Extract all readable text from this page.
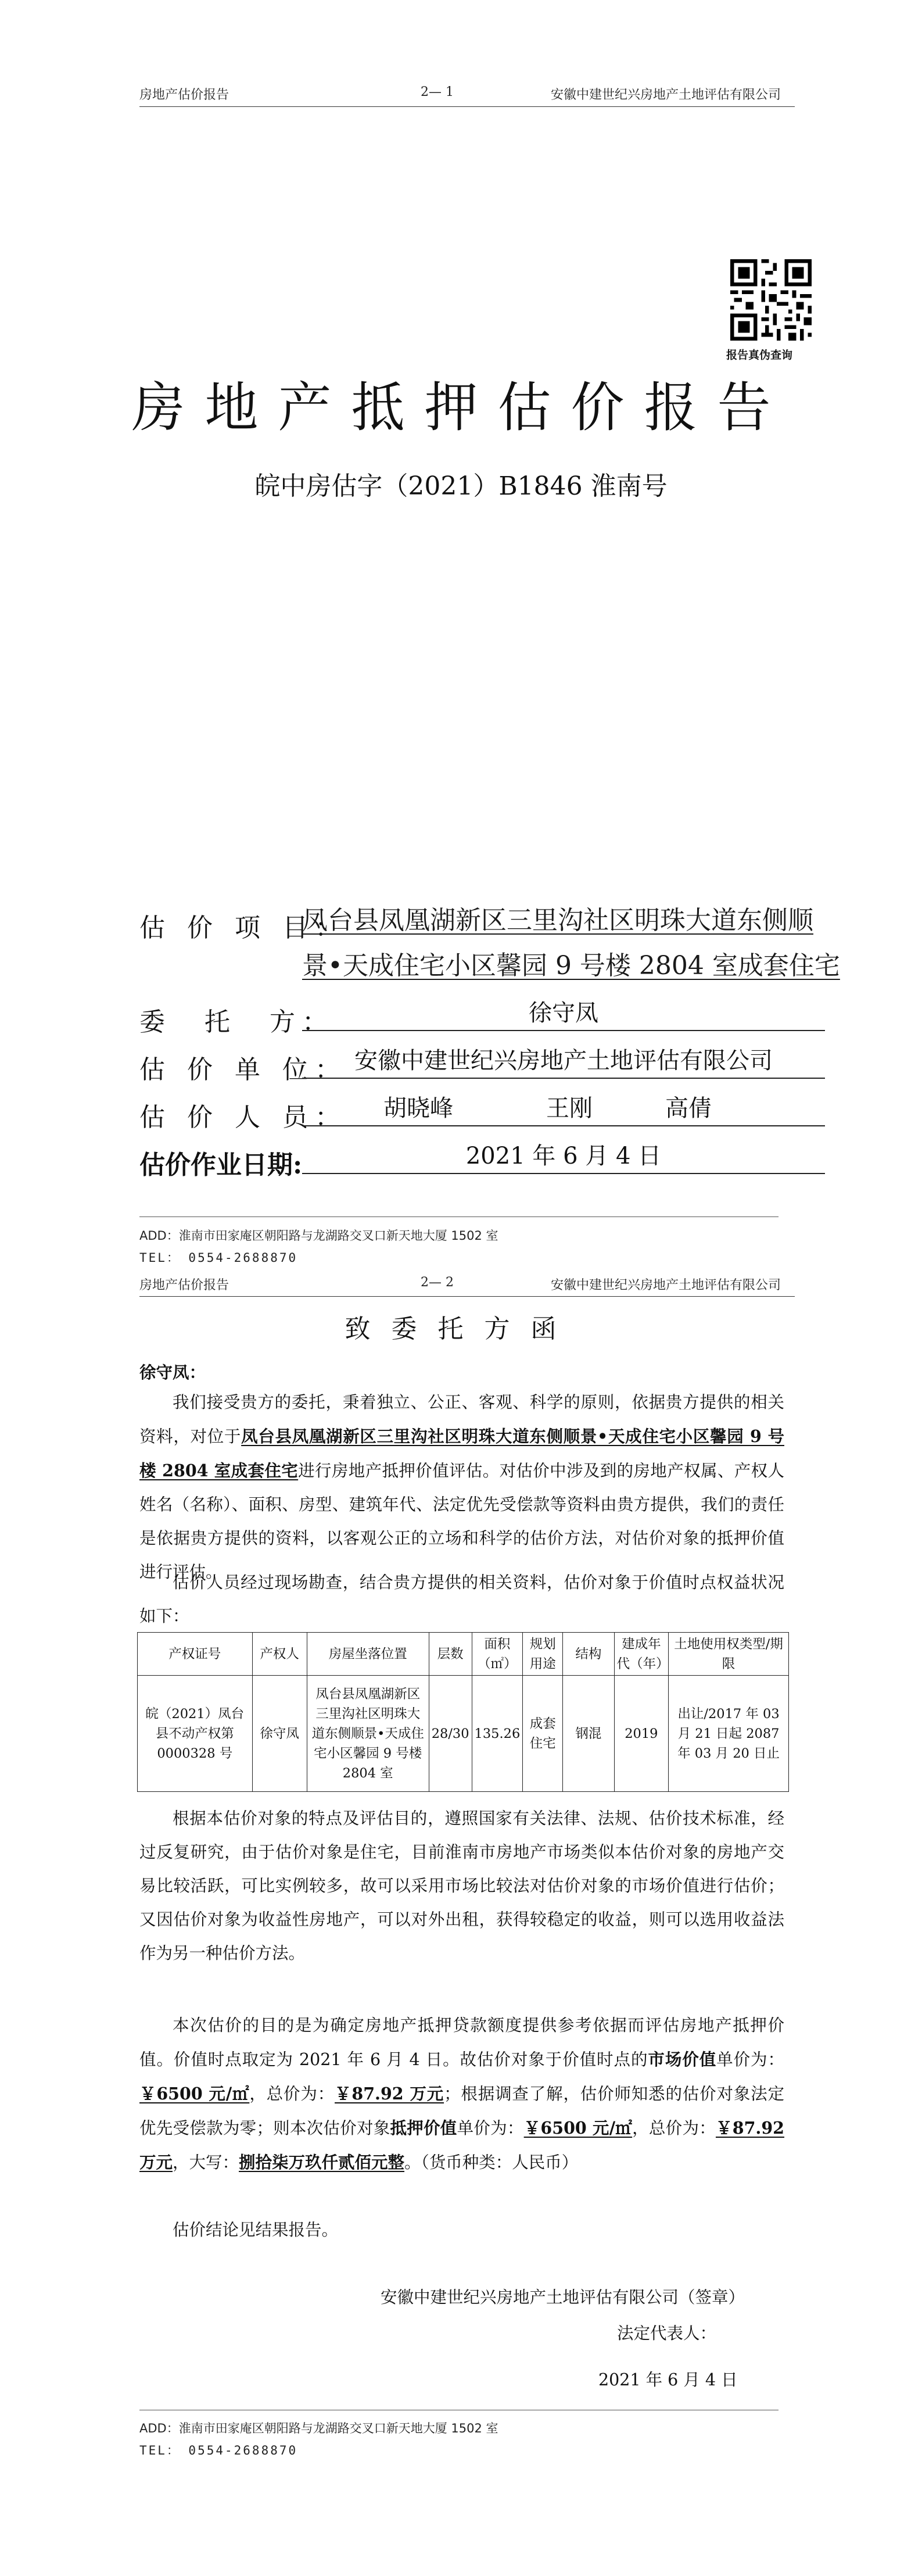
房地产估价报告	2— 1	安徽中建世纪兴房地产土地评估有限公司
报告真伪查询
房地产抵押估价报告
皖中房估字（2021）B1846 淮南号
估 价 项 目：
凤台县凤凰湖新区三里沟社区明珠大道东侧顺
景•天成住宅小区馨园 9 号楼 2804 室成套住宅
委　托　方：	徐守凤
估 价 单 位： 安徽中建世纪兴房地产土地评估有限公司
估 价 人 员： 胡晓峰	王刚	高倩
估价作业日期:	2021 年 6 月 4 日
ADD：淮南市田家庵区朝阳路与龙湖路交叉口新天地大厦 1502 室
TEL：　0554-2688870
房地产估价报告	2— 2	安徽中建世纪兴房地产土地评估有限公司
致委托方函
徐守凤：
我们接受贵方的委托，秉着独立、公正、客观、科学的原则，依据贵方提供的相关资料，对位于凤台县凤凰湖新区三里沟社区明珠大道东侧顺景•天成住宅小区馨园 9 号楼 2804 室成套住宅进行房地产抵押价值评估。对估价中涉及到的房地产权属、产权人姓名（名称）、面积、房型、建筑年代、法定优先受偿款等资料由贵方提供，我们的责任是依据贵方提供的资料，以客观公正的立场和科学的估价方法，对估价对象的抵押价值进行评估。
估价人员经过现场勘查，结合贵方提供的相关资料，估价对象于价值时点权益状况如下：
产权证号	产权人	房屋坐落位置	层数	面积（㎡）	规划用途	结构	建成年代（年）	土地使用权类型/期限
皖（2021）凤台县不动产权第 0000328 号	徐守凤	凤台县凤凰湖新区三里沟社区明珠大道东侧顺景•天成住宅小区馨园 9 号楼 2804 室	28/30	135.26	成套住宅	钢混	2019	出让/2017 年 03 月 21 日起 2087 年 03 月 20 日止
根据本估价对象的特点及评估目的，遵照国家有关法律、法规、估价技术标准，经过反复研究，由于估价对象是住宅，目前淮南市房地产市场类似本估价对象的房地产交易比较活跃，可比实例较多，故可以采用市场比较法对估价对象的市场价值进行估价；又因估价对象为收益性房地产，可以对外出租，获得较稳定的收益，则可以选用收益法作为另一种估价方法。
本次估价的目的是为确定房地产抵押贷款额度提供参考依据而评估房地产抵押价值。价值时点取定为 2021 年 6 月 4 日。故估价对象于价值时点的市场价值单价为：￥6500 元/㎡，总价为：￥87.92 万元；根据调查了解，估价师知悉的估价对象法定优先受偿款为零；则本次估价对象抵押价值单价为：￥6500 元/㎡，总价为：￥87.92 万元，大写：捌拾柒万玖仟贰佰元整。（货币种类：人民币）
估价结论见结果报告。
安徽中建世纪兴房地产土地评估有限公司（签章）
法定代表人：
2021 年 6 月 4 日
ADD：淮南市田家庵区朝阳路与龙湖路交叉口新天地大厦 1502 室
TEL：　0554-2688870
